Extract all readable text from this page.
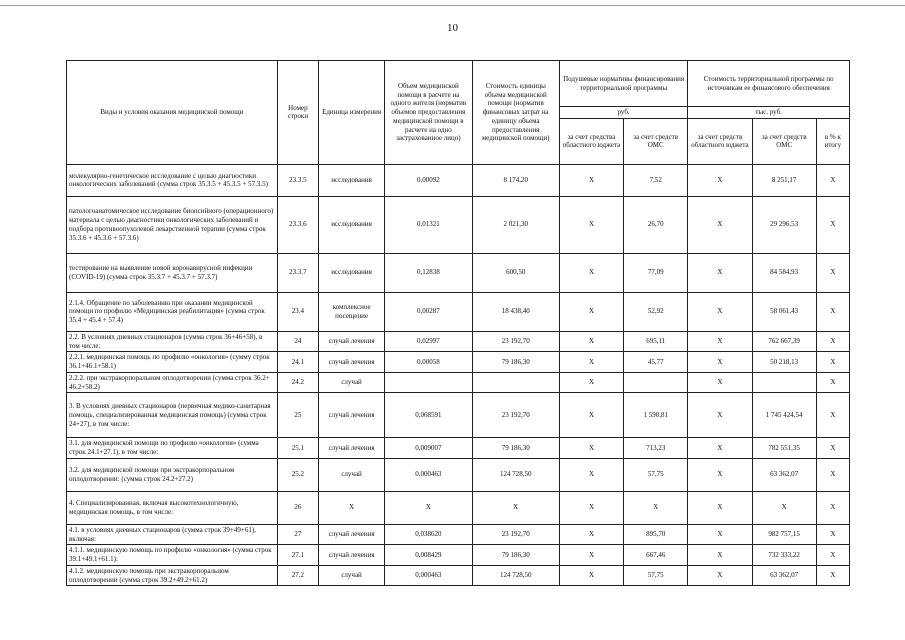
10
Виды и условия оказания медицинской помощи	Номер строки	Единица измерения	Объем медицинской помощи в расчете на одного жителя (норматив объемов предоставления медицинской помощи в расчете на одно застрахованное лицо)	Стоимость единицы объема медицинской помощи (норматив финансовых затрат на единицу объема предоставления медицинской помощи)	Подушевые нормативы финансирования территориальной программы		Стоимость территориальной программы по источникам ее финансового обеспечения		
					руб.		тыс. руб.		
					за счет средства областного юджета	за счет средств ОМС	за счет средств областного юджета	за счет средств ОМС	в % к итогу
молекулярно-генетическое исследование с целью диагностики онкологических заболеваний (сумма строк 35.3.5 + 45.3.5 + 57.3.5)	23.3.5	исследования	0,00092	8 174,20	X	7,52	X	8 251,17	X
патологоанатомическое исследование биопсийного (операционного) материала с целью диагностики онкологических заболеваний и подбора противоопухолевой лекарственной терапии (сумма строк 35.3.6 + 45.3.6 + 57.3.6)	23.3.6	исследования	0,01321	2 021,30	X	26,70	X	29 296,53	X
тестирование на выявление новой коронавирусной инфекции (COVID-19) (сумма строк 35.3.7 + 45.3.7 + 57.3.7)	23.3.7	исследования	0,12838	600,50	X	77,09	X	84 584,93	X
2.1.4. Обращение по заболеванию при оказании медицинской помощи по профилю «Медицинская реабилитация» (сумма строк 35.4 + 45.4 + 57.4)	23.4	комплексное посещение	0,00287	18 438,40	X	52,92	X	58 061,43	X
2.2. В условиях дневных стационаров (сумма строк 36+46+58), в том числе:	24	случай лечения	0,02997	23 192,70	X	695,11	X	762 667,39	X
2.2.1. медицинская помощь по профилю «онкология» (сумму строк 36.1+46.1+58.1)	24.1	случай лечения	0,00058	79 186,30	X	45,77	X	50 218,13	X
2.2.2. при экстракорпоральном оплодотворении (сумма строк 36.2+ 46.2+58.2)	24.2	случай			X		X		X
3. В условиях дневных стационаров (первичная медико-санитарная помощь, специализированная медицинская помощь) (сумма строк 24+27), в том числе:	25	случай лечения	0,068591	23 192,70	X	1 590,81	X	1 745 424,54	X
3.1. для медицинской помощи по профилю «онкология» (сумма строк 24.1+27.1), в том числе:	25.1	случай лечения	0,009007	79 186,30	X	713,23	X	782 551,35	X
3.2. для медицинской помощи при экстракорпоральном оплодотворении: (сумма строк 24.2+27.2)	25.2	случай	0,000463	124 728,50	X	57,75	X	63 362,07	X
4. Специализированная, включая высокотехнологичную, медицинская помощь, в том числе:	26	X	X	X	X	X	X	X	X
4.1. в условиях дневных стационаров (сумма строк 39+49+61), включая:	27	случай лечения	0,038620	23 192,70	X	895,70	X	982 757,15	X
4.1.1. медицинскую помощь по профилю «онкология» (сумма строк 39.1+49.1+61.1):	27.1	случай лечения	0,008429	79 186,30	X	667,46	X	732 333,22	X
4.1.2. медицинскую помощь при экстракорпоральном оплодотворении (сумма строк 39.2+49.2+61.2)	27.2	случай	0,000463	124 728,50	X	57,75	X	63 362,07	X
